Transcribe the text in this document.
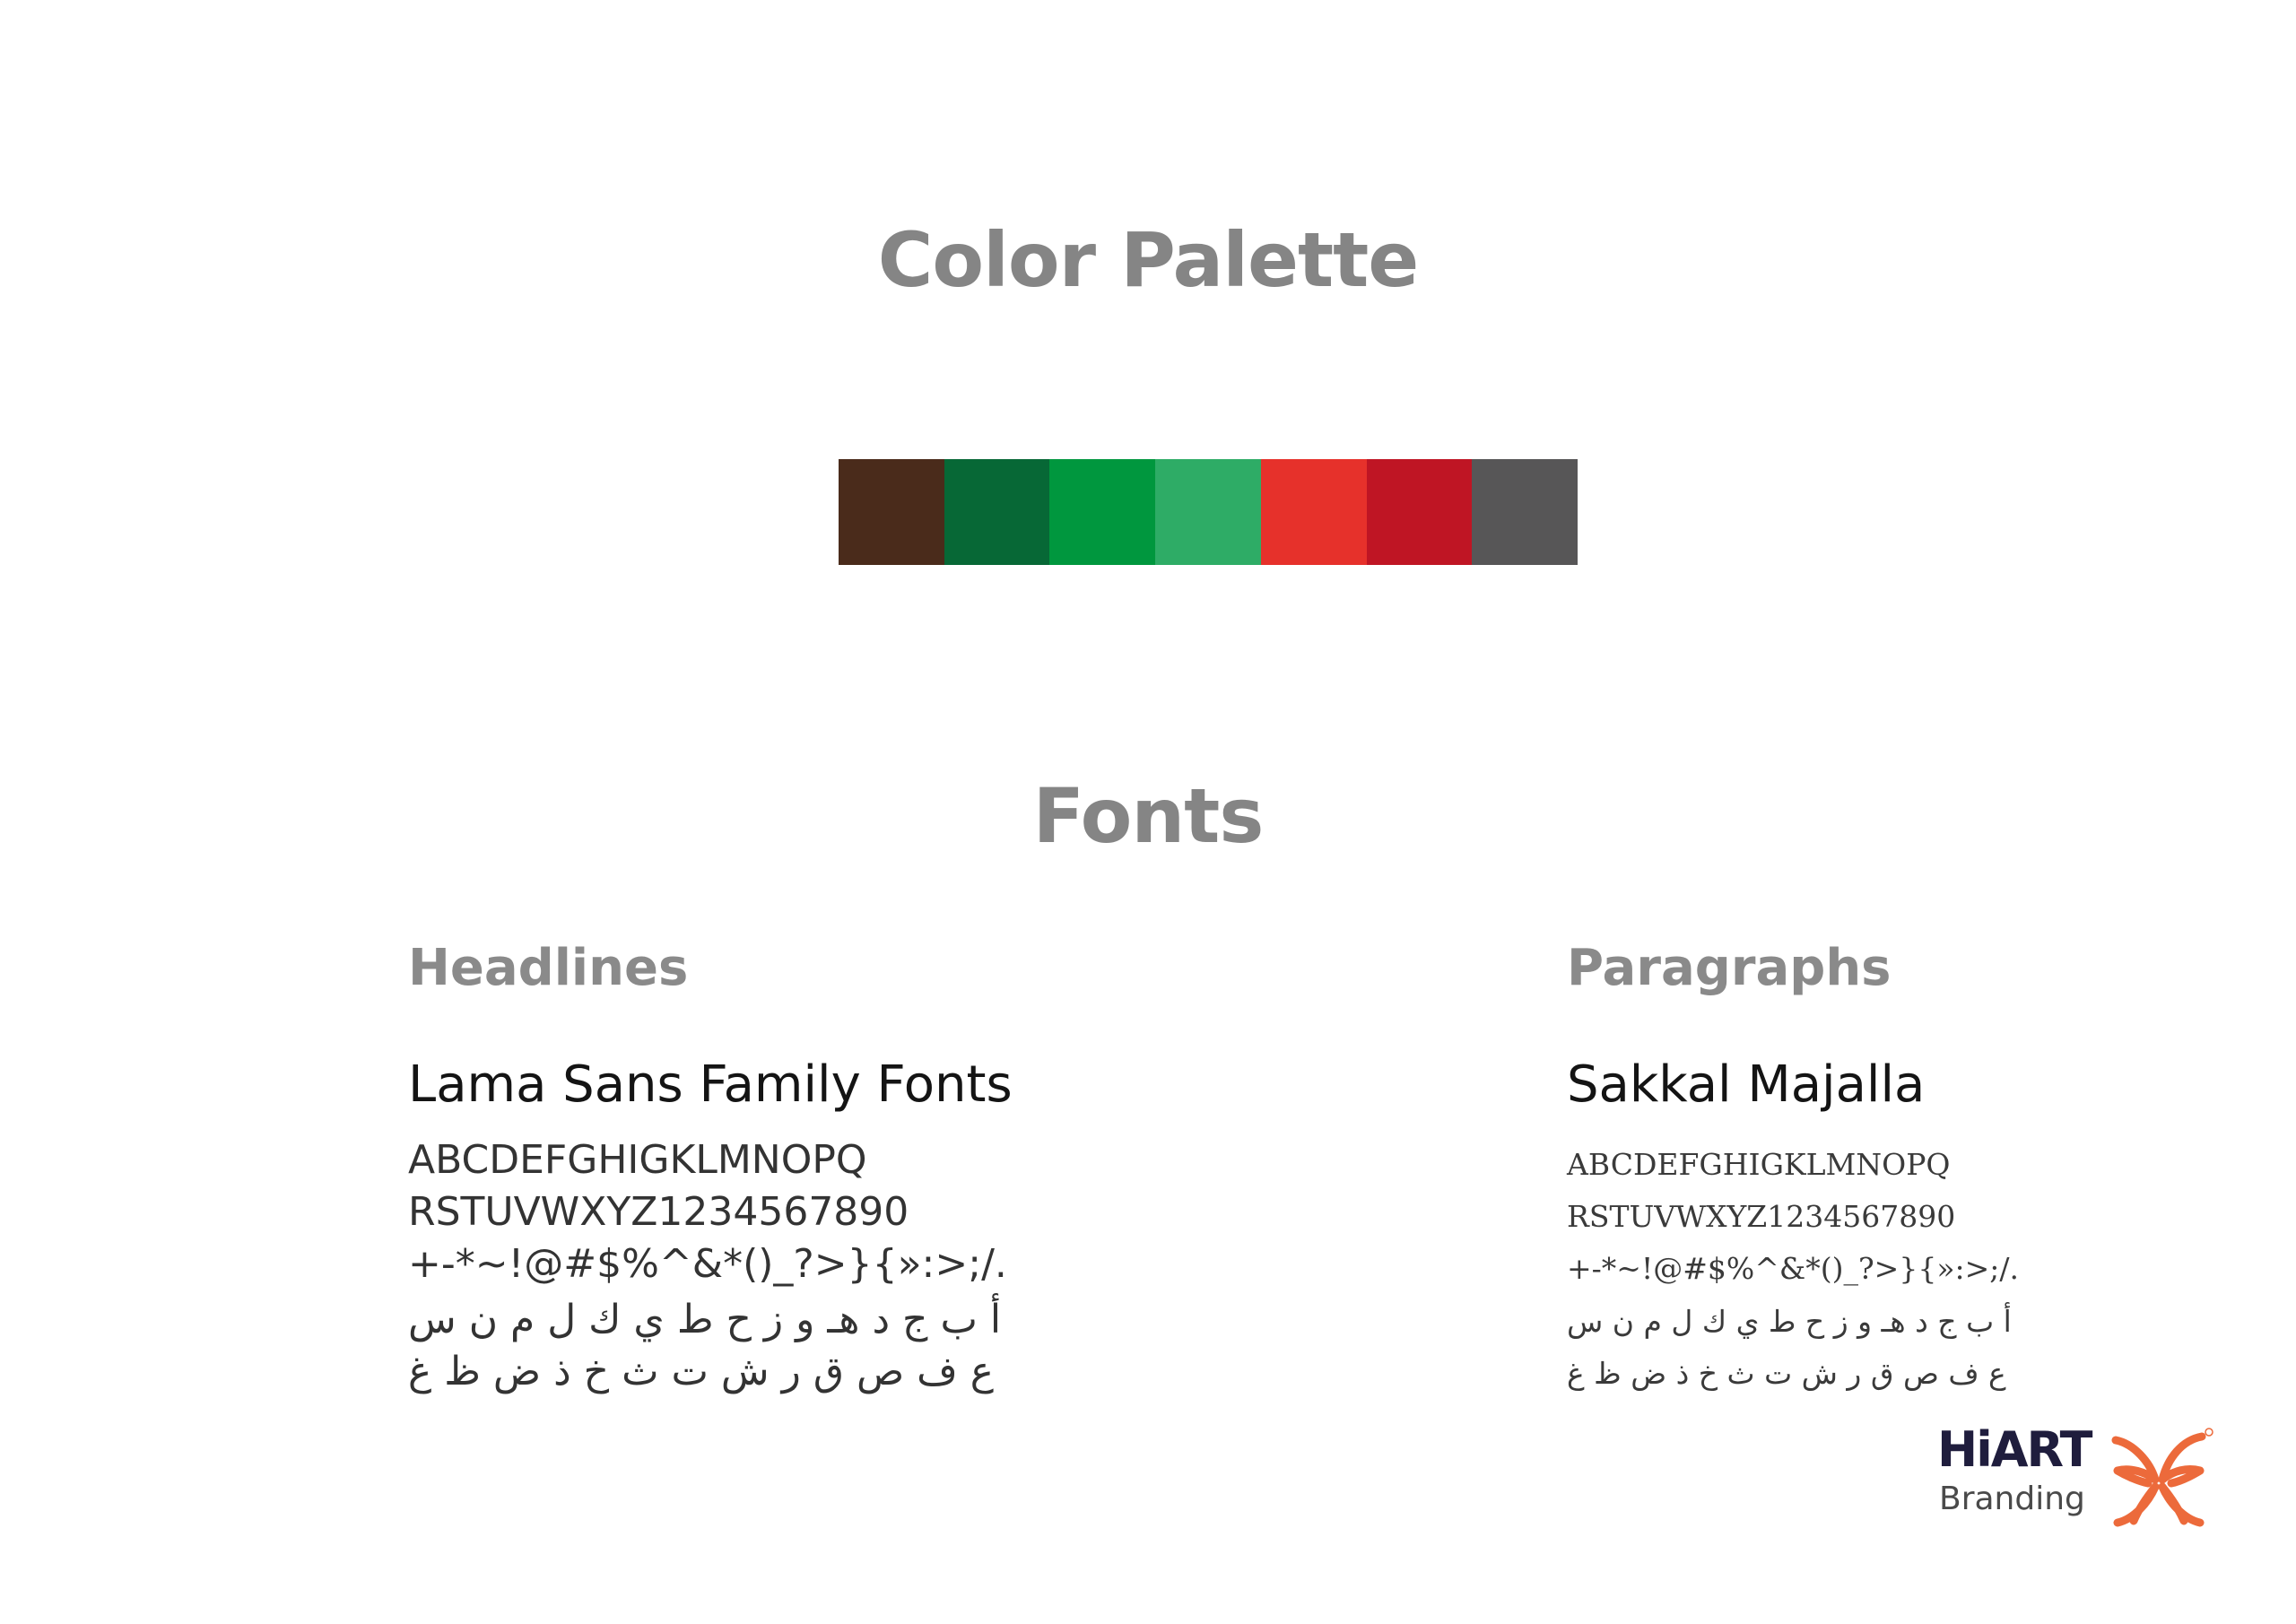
Color Palette
Fonts
Headlines

Lama Sans Family Fonts

ABCDEFGHIGKLMNOPQ

RSTUVWXYZ1234567890

+-*~!@#$%^&*()_?>}{»:>;/.

أ ب ج د هـ و ز ح ط ي ك ل م ن س

ع ف ص ق ر ش ت ث خ ذ ض ظ غ

Paragraphs

Sakkal Majalla

ABCDEFGHIGKLMNOPQ

RSTUVWXYZ1234567890

+-*~!@#$%^&*()_?>}{»:>;/.

أ ب ج د هـ و ز ح ط ي ك ل م ن س

ع ف ص ق ر ش ت ث خ ذ ض ظ غ

HiART
Branding
